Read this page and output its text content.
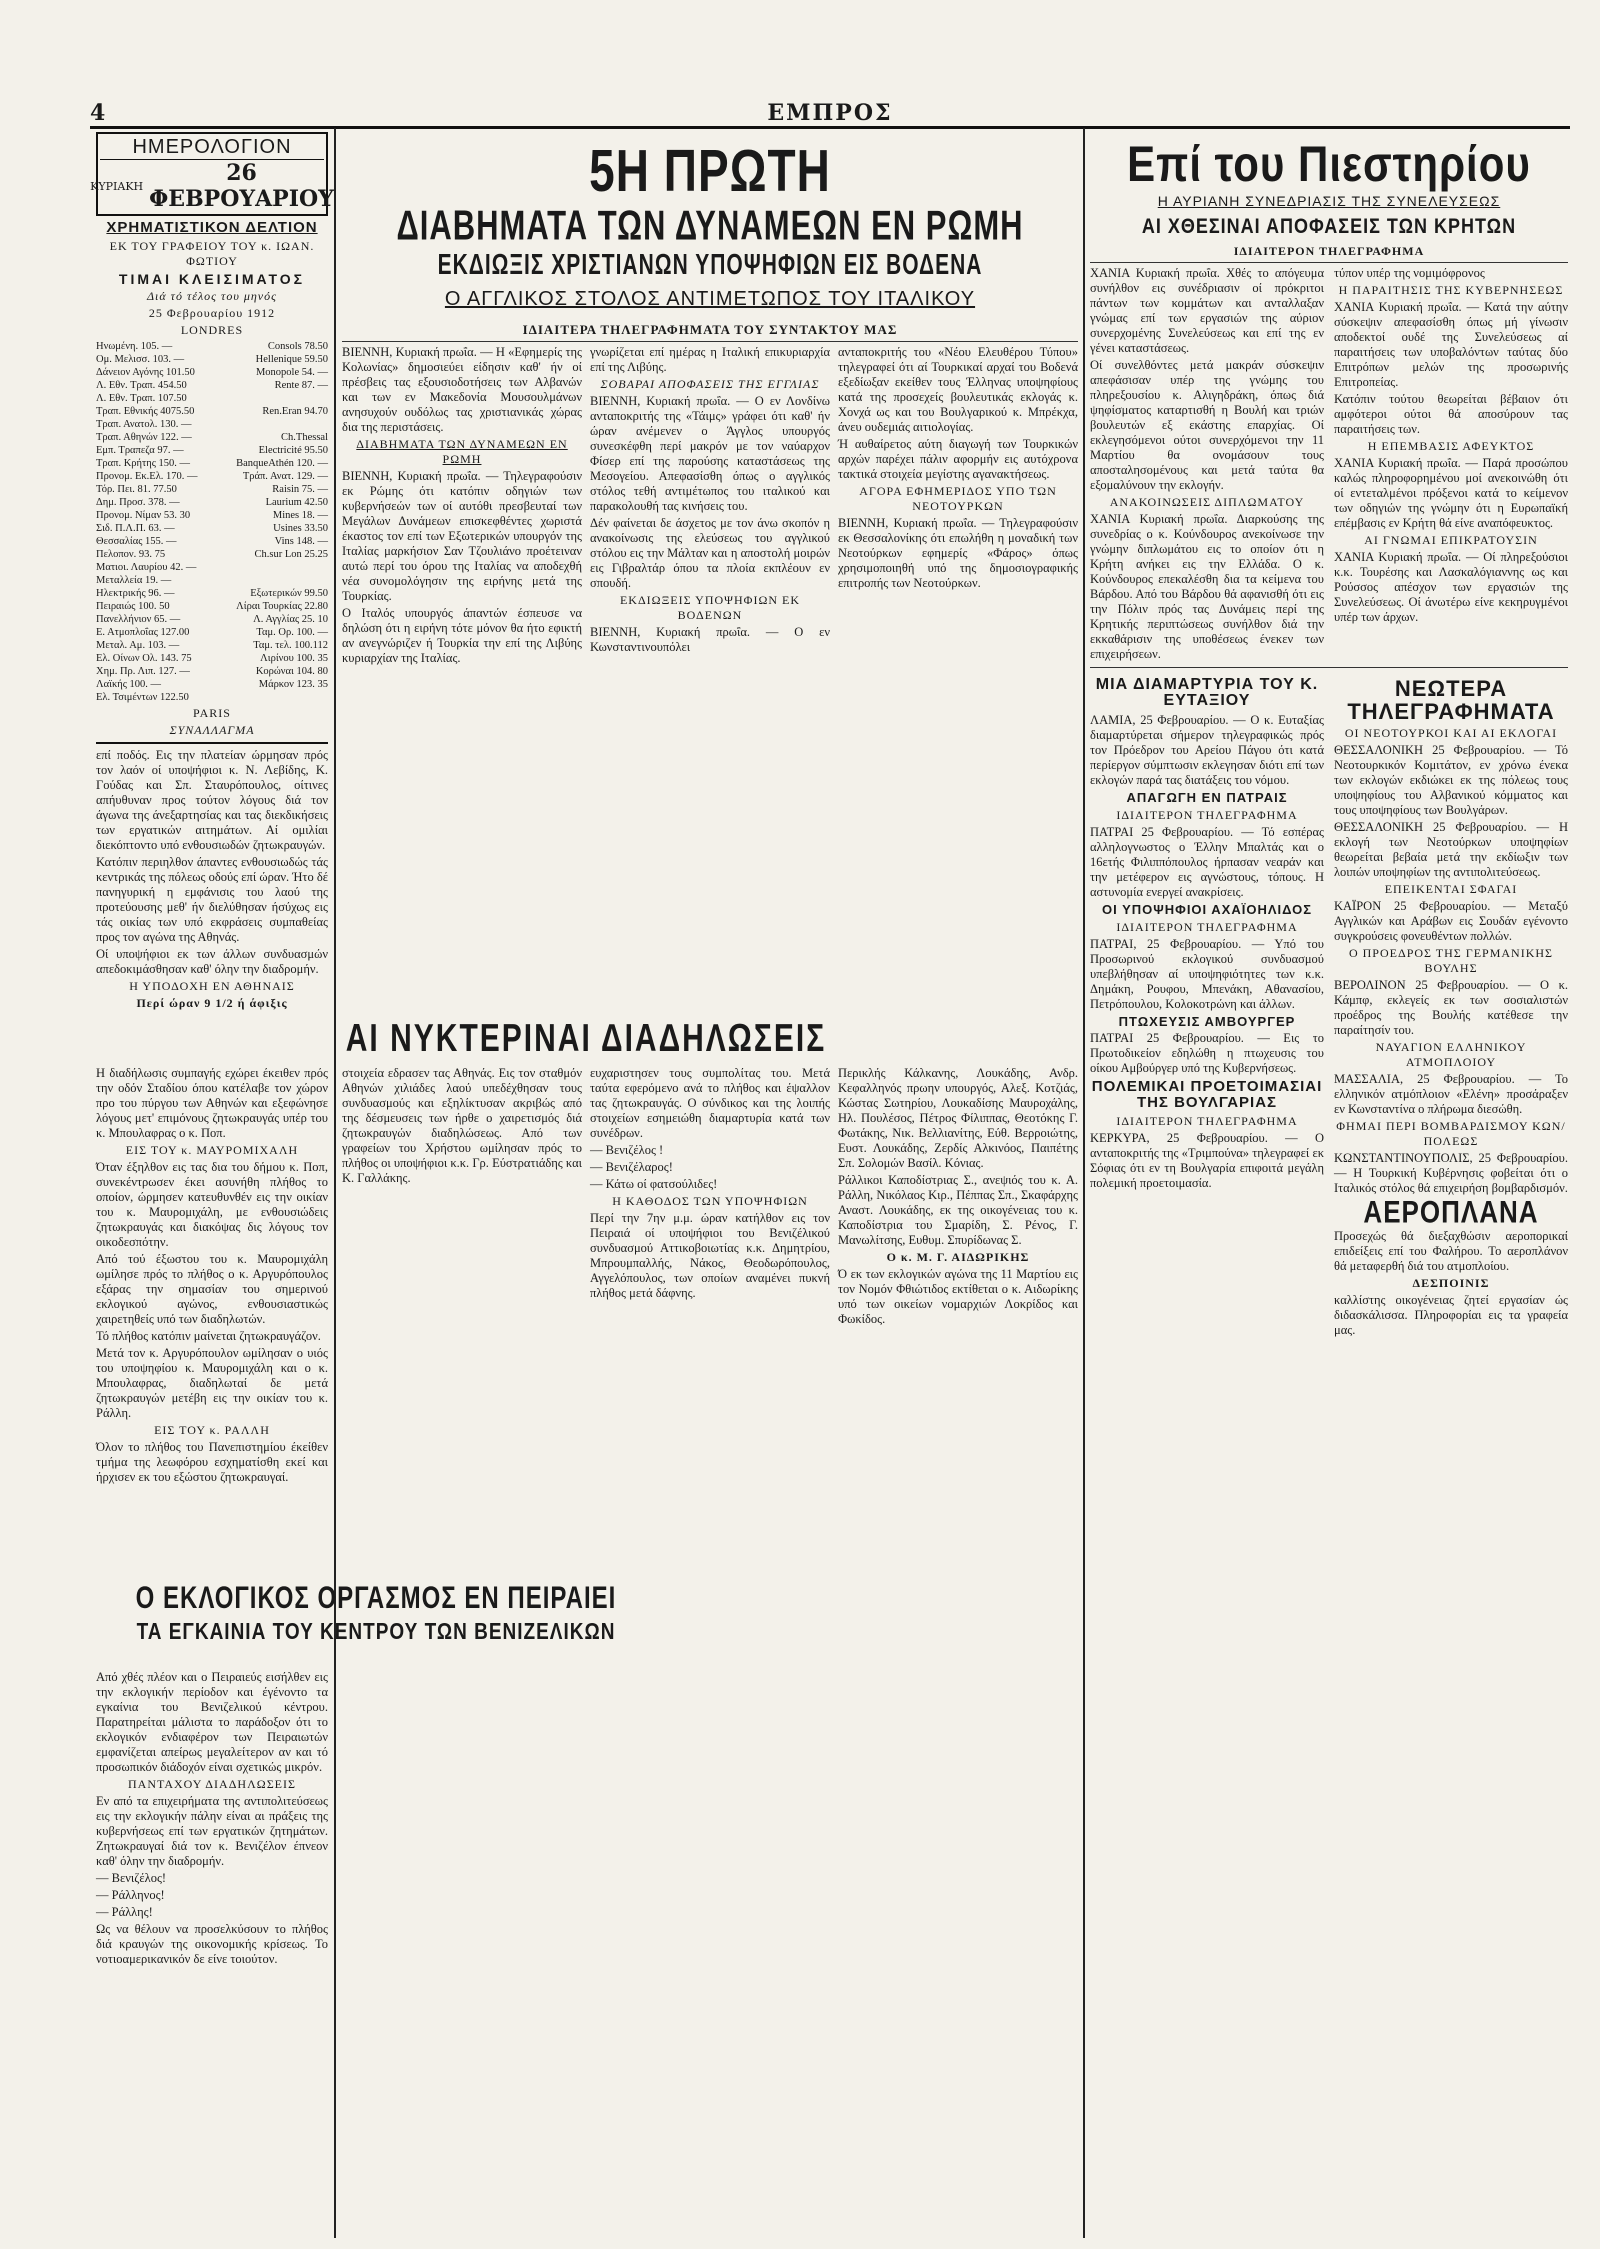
4	ΕΜΠΡΟΣ
ΗΜΕΡΟΛΟΓΙΟΝ
ΚΥΡΙΑΚΗ	26 ΦΕΒΡΟΥΑΡΙΟΥ
ΧΡΗΜΑΤΙΣΤΙΚΟΝ ΔΕΛΤΙΟΝ
ΕΚ ΤΟΥ ΓΡΑΦΕΙΟΥ ΤΟΥ κ. ΙΩΑΝ. ΦΩΤΙΟΥ
ΤΙΜΑΙ ΚΛΕΙΣΙΜΑΤΟΣ
Διά τό τέλος του μηνός
25 Φεβρουαρίου 1912
LONDRES
Ηνωμένη. 105. —	Consols 78.50
Ομ. Μελισσ. 103. —	Hellenique 59.50
Δάνειον Αγόνης 101.50	Monopole 54. —
Λ. Εθν. Τραπ. 454.50	Rente 87. —
Λ. Εθν. Τραπ. 107.50
Τραπ. Εθνικής 4075.50	Ren.Eran 94.70
Τραπ. Ανατολ. 130. —
Τραπ. Αθηνών 122. —	Ch.Thessal
Εμπ. Τραπεζα 97. —	Electricité 95.50
Τραπ. Κρήτης 150. —	BanqueAthén 120. —
Προνομ. Εκ.Ελ. 170. —	Τράπ. Ανατ. 129. —
Τόρ. Πει. 81. 77.50	Raisin 75. —
Δημ. Προσ. 378. —	Laurium 42.50
Προνομ. Νίμαν 53. 30	Mines 18. —
Σιδ. Π.Λ.Π. 63. —	Usines 33.50
Θεσσαλίας 155. —	Vins 148. —
Πελοπον. 93. 75	Ch.sur Lon 25.25
Ματιοι. Λαυρίου 42. —
Μεταλλεία 19. —
Ηλεκτρικής 96. —	Εξωτερικών 99.50
Πειραιώς 100. 50	Λίραι Τουρκίας 22.80
Πανελλήνιον 65. —	Λ. Αγγλίας 25. 10
Ε. Ατμοπλοΐας 127.00	Ταμ. Ορ. 100. —
Μεταλ. Αμ. 103. —	Ταμ. τελ. 100.112
Ελ. Οίνων Ολ. 143. 75	Λιρίνου 100. 35
Χημ. Πρ. Λιπ. 127. —	Κορώναι 104. 80
Λαϊκής 100. —	Μάρκον 123. 35
Ελ. Τσιμέντων 122.50
PARIS
ΣΥΝΑΛΛΑΓΜΑ

επί ποδός. Εις την πλατείαν ώρμησαν πρός τον λαόν οί υποψήφιοι κ. Ν. Λεβίδης, Κ. Γούδας και Σπ. Σταυρόπουλος, οίτινες απήυθυναν προς τούτον λόγους διά τον άγωνα της άνεξαρτησίας και τας διεκδικήσεις των εργατικών αιτημάτων. Αί ομιλίαι διεκόπτοντο υπό ενθουσιωδών ζητωκραυγών.

Κατόπιν περιηλθον άπαντες ενθουσιωδώς τάς κεντρικάς της πόλεως οδούς επί ώραν. Ήτο δέ πανηγυρική η εμφάνισις του λαού της προτεύουσης μεθ' ήν διελύθησαν ήσύχως εις τάς οικίας των υπό εκφράσεις συμπαθείας προς τον αγώνα της Αθηνάς.

Οί υποψήφιοι εκ των άλλων συνδυασμών απεδοκιμάσθησαν καθ' όλην την διαδρομήν.

Η ΥΠΟΔΟΧΗ ΕΝ ΑΘΗΝΑΙΣ
Περί ώραν 9 1/2 ή άφιξις
ΑΙ ΝΥΚΤΕΡΙΝΑΙ ΔΙΑΔΗΛΩΣΕΙΣ

Η διαδήλωσις συμπαγής εχώρει έκειθεν πρός την οδόν Σταδίου όπου κατέλαβε τον χώρον προ του πύργου των Αθηνών και εξεφώνησε λόγους μετ' επιμόνους ζητωκραυγάς υπέρ του κ. Μπουλαφρας ο κ. Ποπ.

ΕΙΣ ΤΟΥ κ. ΜΑΥΡΟΜΙΧΑΛΗ

Όταν έξηλθον εις τας δια του δήμου κ. Ποπ, συνεκέντρωσεν έκει ασυνήθη πλήθος το οποίον, ώρμησεν κατευθυνθέν εις την οικίαν του κ. Μαυρομιχάλη, με ενθουσιώδεις ζητωκραυγάς και διακόψας δις λόγους τον οικοδεσπότην.

Από τού έξωστου του κ. Μαυρομιχάλη ωμίλησε πρός το πλήθος ο κ. Αργυρόπουλος εξάρας την σημασίαν του σημερινού εκλογικού αγώνος, ενθουσιαστικώς χαιρετηθείς υπό των διαδηλωτών.

Τό πλήθος κατόπιν μαίνεται ζητωκραυγάζον.

Μετά τον κ. Αργυρόπουλον ωμίλησαν ο υιός του υποψηφίου κ. Μαυρομιχάλη και ο κ. Μπουλαφρας, διαδηλωταί δε μετά ζητωκραυγών μετέβη εις την οικίαν του κ. Ράλλη.

ΕΙΣ ΤΟΥ κ. ΡΑΛΛΗ

Όλον το πλήθος του Πανεπιστημίου έκείθεν τμήμα της λεωφόρου εσχηματίσθη εκεί και ήρχισεν εκ του εξώστου ζητωκραυγαί.

Ο ΕΚΛΟΓΙΚΟΣ ΟΡΓΑΣΜΟΣ ΕΝ ΠΕΙΡΑΙΕΙ
ΤΑ ΕΓΚΑΙΝΙΑ ΤΟΥ ΚΕΝΤΡΟΥ ΤΩΝ ΒΕΝΙΖΕΛΙΚΩΝ

Από χθές πλέον και ο Πειραιεύς εισήλθεν εις την εκλογικήν περίοδον και έγένοντο τα εγκαίνια του Βενιζελικού κέντρου. Παρατηρείται μάλιστα το παράδοξον ότι το εκλογικόν ενδιαφέρον των Πειραιωτών εμφανίζεται απείρως μεγαλείτερον αν και τό προσωπικόν διάδοχόν είναι σχετικώς μικρόν.

ΠΑΝΤΑΧΟΥ ΔΙΑΔΗΛΩΣΕΙΣ

Εν από τα επιχειρήματα της αντιπολιτεύσεως εις την εκλογικήν πάλην είναι αι πράξεις της κυβερνήσεως επί των εργατικών ζητημάτων. Ζητωκραυγαί διά τον κ. Βενιζέλον έπνεον καθ' όλην την διαδρομήν.

— Βενιζέλος!
— Ράλληνος!
— Ράλλης!

Ως να θέλουν να προσελκύσουν το πλήθος διά κραυγών της οικονομικής κρίσεως. Το νοτιοαμερικανικόν δε είνε τοιούτον.

5Η ΠΡΩΤΗ
ΔΙΑΒΗΜΑΤΑ ΤΩΝ ΔΥΝΑΜΕΩΝ ΕΝ ΡΩΜΗ
ΕΚΔΙΩΞΙΣ ΧΡΙΣΤΙΑΝΩΝ ΥΠΟΨΗΦΙΩΝ ΕΙΣ ΒΟΔΕΝΑ
Ο ΑΓΓΛΙΚΟΣ ΣΤΟΛΟΣ ΑΝΤΙΜΕΤΩΠΟΣ ΤΟΥ ΙΤΑΛΙΚΟΥ
ΙΔΙΑΙΤΕΡΑ ΤΗΛΕΓΡΑΦΗΜΑΤΑ ΤΟΥ ΣΥΝΤΑΚΤΟΥ ΜΑΣ

ΒΙΕΝΝΗ, Κυριακή πρωΐα. — Η «Εφημερίς της Κολωνίας» δημοσιεύει είδησιν καθ' ήν οί πρέσβεις τας εξουσιοδοτήσεις των Αλβανών και των εν Μακεδονία Μουσουλμάνων ανησυχούν ουδόλως τας χριστιανικάς χώρας δια της περιστάσεις.

ΔΙΑΒΗΜΑΤΑ ΤΩΝ ΔΥΝΑΜΕΩΝ ΕΝ ΡΩΜΗ

ΒΙΕΝΝΗ, Κυριακή πρωΐα. — Τηλεγραφούσιν εκ Ρώμης ότι κατόπιν οδηγιών των κυβερνήσεών των οί αυτόθι πρεσβευταί των Μεγάλων Δυνάμεων επισκεφθέντες χωριστά έκαστος τον επί των Εξωτερικών υπουργόν της Ιταλίας μαρκήσιον Σαν Τζουλιάνο προέτειναν αυτώ περί του όρου της Ιταλίας να αποδεχθή νέα συνομολόγησιν της ειρήνης μετά της Τουρκίας.

Ο Ιταλός υπουργός άπαντών έσπευσε να δηλώση ότι η ειρήνη τότε μόνον θα ήτο εφικτή αν ανεγνώριζεν ή Τουρκία την επί της Λιβύης κυριαρχίαν της Ιταλίας.

γνωρίζεται επί ημέρας η Ιταλική επικυριαρχία επί της Λιβύης.

ΣΟΒΑΡΑΙ ΑΠΟΦΑΣΕΙΣ ΤΗΣ ΕΓΓΛΙΑΣ

ΒΙΕΝΝΗ, Κυριακή πρωΐα. — Ο εν Λονδίνω ανταποκριτής της «Τάιμς» γράφει ότι καθ' ήν ώραν ανέμενεν ο Άγγλος υπουργός συνεσκέφθη περί μακρόν με τον ναύαρχον Φίσερ επί της παρούσης καταστάσεως της Μεσογείου. Απεφασίσθη όπως ο αγγλικός στόλος τεθή αντιμέτωπος του ιταλικού και παρακολουθή τας κινήσεις του.

Δέν φαίνεται δε άσχετος με τον άνω σκοπόν η ανακοίνωσις της ελεύσεως του αγγλικού στόλου εις την Μάλταν και η αποστολή μοιρών εις Γιβραλτάρ όπου τα πλοία εκπλέουν εν σπουδή.

ΕΚΔΙΩΞΕΙΣ ΥΠΟΨΗΦΙΩΝ ΕΚ ΒΟΔΕΝΩΝ

ΒΙΕΝΝΗ, Κυριακή πρωΐα. — Ο εν Κωνσταντινουπόλει

ανταποκριτής του «Νέου Ελευθέρου Τύπου» τηλεγραφεί ότι αί Τουρκικαί αρχαί του Βοδενά εξεδίωξαν εκείθεν τους Έλληνας υποψηφίους κατά της προσεχείς βουλευτικάς εκλογάς κ. Χονχά ως και του Βουλγαρικού κ. Μπρέκχα, άνευ ουδεμιάς αιτιολογίας.

Ή αυθαίρετος αύτη διαγωγή των Τουρκικών αρχών παρέχει πάλιν αφορμήν εις αυτόχρονα τακτικά στοιχεία μεγίστης αγανακτήσεως.

ΑΓΟΡΑ ΕΦΗΜΕΡΙΔΟΣ ΥΠΟ ΤΩΝ ΝΕΟΤΟΥΡΚΩΝ

ΒΙΕΝΝΗ, Κυριακή πρωΐα. — Τηλεγραφούσιν εκ Θεσσαλονίκης ότι επωλήθη η μοναδική των Νεοτούρκων εφημερίς «Φάρος» όπως χρησιμοποιηθή υπό της δημοσιογραφικής επιτροπής των Νεοτούρκων.

στοιχεία εδρασεν τας Αθηνάς. Εις τον σταθμόν Αθηνών χιλιάδες λαού υπεδέχθησαν τους συνδυασμούς και εξηλίκτυσαν ακριβώς από της δέσμευσεις των ήρθε ο χαιρετισμός διά ζητωκραυγών διαδηλώσεως. Από των γραφείων του Χρήστου ωμίλησαν πρός το πλήθος οι υποψήφιοι κ.κ. Γρ. Εύστρατιάδης και Κ. Γαλλάκης.

ευχαριστησεν τους συμπολίτας του. Μετά ταύτα εφερόμενο ανά το πλήθος και έψαλλον τας ζητωκραυγάς. Ο σύνδικος και της λοιπής στοιχείων εσημειώθη διαμαρτυρία κατά των συνέδρων.

— Βενιζέλος !
— Βενιζέλαρος!
— Κάτω οί φατσούλιδες!
Η ΚΑΘΟΔΟΣ ΤΩΝ ΥΠΟΨΗΦΙΩΝ

Περί την 7ην μ.μ. ώραν κατήλθον εις τον Πειραιά οί υποψήφιοι του Βενιζέλικού συνδυασμού Αττικοβοιωτίας κ.κ. Δημητρίου, Μπρουμπαλλής, Νάκος, Θεοδωρόπουλος, Αγγελόπουλος, των οποίων αναμένει πυκνή πλήθος μετά δάφνης.

Περικλής Κάλκανης, Λουκάδης, Ανδρ. Κεφαλληνός πρωην υπουργός, Αλεξ. Κοτζιάς, Κώστας Σωτηρίου, Λουκαδίσης Μαυροχάλης, Ηλ. Πουλέσος, Πέτρος Φίλιππας, Θεοτόκης Γ. Φωτάκης, Νικ. Βελλιανίτης, Εύθ. Βερροιώτης, Ευστ. Λουκάδης, Ζερδίς Αλκινόος, Παιπέτης Σπ. Σολομών Βασίλ. Κόνιας.

Ράλλικοι Καποδίστριας Σ., ανεψιός του κ. Α. Ράλλη, Νικόλαος Κιρ., Πέππας Σπ., Σκαφάρχης Αναστ. Λουκάδης, εκ της οικογένειας του κ. Καποδίστρια του Σμαρίδη, Σ. Ρένος, Γ. Μανωλίτσης, Ευθυμ. Σπυρίδωνας Σ.

Ο κ. Μ. Γ. ΑΙΔΩΡΙΚΗΣ

Ό εκ των εκλογικών αγώνα της 11 Μαρτίου εις τον Νομόν Φθιώτιδος εκτίθεται ο κ. Αιδωρίκης υπό των οικείων νομαρχιών Λοκρίδος και Φωκίδος.

Επί του Πιεστηρίου
Η ΑΥΡΙΑΝΗ ΣΥΝΕΔΡΙΑΣΙΣ ΤΗΣ ΣΥΝΕΛΕΥΣΕΩΣ
ΑΙ ΧΘΕΣΙΝΑΙ ΑΠΟΦΑΣΕΙΣ ΤΩΝ ΚΡΗΤΩΝ
ΙΔΙΑΙΤΕΡΟΝ ΤΗΛΕΓΡΑΦΗΜΑ

ΧΑΝΙΑ Κυριακή πρωΐα. Χθές το απόγευμα συνήλθον εις συνέδριασιν οί πρόκριτοι πάντων των κομμάτων και ανταλλαξαν γνώμας επί των εργασιών της αύριον συνερχομένης Συνελεύσεως και επί της εν γένει καταστάσεως.

Οί συνελθόντες μετά μακράν σύσκεψιν απεφάσισαν υπέρ της γνώμης του πληρεξουσίου κ. Αλιγηδράκη, όπως διά ψηφίσματος καταρτισθή η Βουλή και τριών βουλευτών εξ εκάστης επαρχίας. Οί εκλεγησόμενοι ούτοι συνερχόμενοι την 11 Μαρτίου θα ονομάσουν τους αποσταλησομένους και μετά ταύτα θα εξομαλύνουν την εκλογήν.

ΑΝΑΚΟΙΝΩΣΕΙΣ ΔΙΠΛΩΜΑΤΟΥ

ΧΑΝΙΑ Κυριακή πρωΐα. Διαρκούσης της συνεδρίας ο κ. Κούνδουρος ανεκοίνωσε την γνώμην διπλωμάτου εις το οποίον ότι η Κρήτη ανήκει εις την Ελλάδα. Ο κ. Κούνδουρος επεκαλέσθη δια τα κείμενα του Βάρδου. Από του Βάρδου θά αφανισθή ότι εις την Πόλιν πρός τας Δυνάμεις περί της Κρητικής περιπτώσεως συνήλθον διά την εκκαθάρισιν της υποθέσεως ένεκεν των επιχειρήσεων.

τύπον υπέρ της νομιμόφρονος

Η ΠΑΡΑΙΤΗΣΙΣ ΤΗΣ ΚΥΒΕΡΝΗΣΕΩΣ

ΧΑΝΙΑ Κυριακή πρωΐα. — Κατά την αύτην σύσκεψιν απεφασίσθη όπως μή γίνωσιν αποδεκτοί ουδέ της Συνελεύσεως αί παραιτήσεις των υποβαλόντων ταύτας δύο Επιτρόπων μελών της προσωρινής Επιτροπείας.

Κατόπιν τούτου θεωρείται βέβαιον ότι αμφότεροι ούτοι θά αποσύρουν τας παραιτήσεις των.

Η ΕΠΕΜΒΑΣΙΣ ΑΦΕΥΚΤΟΣ

ΧΑΝΙΑ Κυριακή πρωΐα. — Παρά προσώπου καλώς πληροφορημένου μοί ανεκοινώθη ότι οί εντεταλμένοι πρόξενοι κατά το κείμενον των οδηγιών της γνώμην ότι η Ευρωπαϊκή επέμβασις εν Κρήτη θά είνε αναπόφευκτος.

ΑΙ ΓΝΩΜΑΙ ΕΠΙΚΡΑΤΟΥΣΙΝ

ΧΑΝΙΑ Κυριακή πρωΐα. — Οί πληρεξούσιοι κ.κ. Τουρέσης και Λασκαλόγιαννης ως και Ρούσσος απέσχον των εργασιών της Συνελεύσεως. Οί άνωτέρω είνε κεκηρυγμένοι υπέρ των άρχων.

ΜΙΑ ΔΙΑΜΑΡΤΥΡΙΑ ΤΟΥ Κ. ΕΥΤΑΞΙΟΥ

ΛΑΜΙΑ, 25 Φεβρουαρίου. — Ο κ. Ευταξίας διαμαρτύρεται σήμερον τηλεγραφικώς πρός τον Πρόεδρον του Αρείου Πάγου ότι κατά περίεργον σύμπτωσιν εκλεγησαν διότι επί των εκλογών παρά τας διατάξεις του νόμου.

ΑΠΑΓΩΓΗ ΕΝ ΠΑΤΡΑΙΣ
ΙΔΙΑΙΤΕΡΟΝ ΤΗΛΕΓΡΑΦΗΜΑ

ΠΑΤΡΑΙ 25 Φεβρουαρίου. — Τό εσπέρας αλληλογνωστος ο Έλλην Μπαλτάς και ο 16ετής Φιλιππόπουλος ήρπασαν νεαράν και την μετέφερον εις αγνώστους, τόπους. Η αστυνομία ενεργεί ανακρίσεις.

ΟΙ ΥΠΟΨΗΦΙΟΙ ΑΧΑΪΟΗΛΙΔΟΣ
ΙΔΙΑΙΤΕΡΟΝ ΤΗΛΕΓΡΑΦΗΜΑ

ΠΑΤΡΑΙ, 25 Φεβρουαρίου. — Υπό του Προσωρινού εκλογικού συνδυασμού υπεβλήθησαν αί υποψηφιότητες των κ.κ. Δημάκη, Ρουφου, Μπενάκη, Αθανασίου, Πετρόπουλου, Κολοκοτρώνη και άλλων.

ΠΤΩΧΕΥΣΙΣ ΑΜΒΟΥΡΓΕΡ

ΠΑΤΡΑΙ 25 Φεβρουαρίου. — Εις το Πρωτοδικείον εδηλώθη η πτωχευσις του οίκου Αμβούργερ υπό της Κυβερνήσεως.

ΠΟΛΕΜΙΚΑΙ ΠΡΟΕΤΟΙΜΑΣΙΑΙ ΤΗΣ ΒΟΥΛΓΑΡΙΑΣ
ΙΔΙΑΙΤΕΡΟΝ ΤΗΛΕΓΡΑΦΗΜΑ

ΚΕΡΚΥΡΑ, 25 Φεβρουαρίου. — Ο ανταποκριτής της «Τριμπούνα» τηλεγραφεί εκ Σόφιας ότι εν τη Βουλγαρία επιφοιτά μεγάλη πολεμική προετοιμασία.

ΝΕΩΤΕΡΑ ΤΗΛΕΓΡΑΦΗΜΑΤΑ
ΟΙ ΝΕΟΤΟΥΡΚΟΙ ΚΑΙ ΑΙ ΕΚΛΟΓΑΙ

ΘΕΣΣΑΛΟΝΙΚΗ 25 Φεβρουαρίου. — Τό Νεοτουρκικόν Κομιτάτον, εν χρόνω ένεκα των εκλογών εκδιώκει εκ της πόλεως τους υποψηφίους του Αλβανικού κόμματος και τους υποψηφίους των Βουλγάρων.

ΘΕΣΣΑΛΟΝΙΚΗ 25 Φεβρουαρίου. — Η εκλογή των Νεοτούρκων υποψηφίων θεωρείται βεβαία μετά την εκδίωξιν των λοιπών υποψηφίων της αντιπολιτεύσεως.

ΕΠΕΙΚΕΝΤΑΙ ΣΦΑΓΑΙ

ΚΑΪΡΟΝ 25 Φεβρουαρίου. — Μεταξύ Αγγλικών και Αράβων εις Σουδάν εγένοντο συγκρούσεις φονευθέντων πολλών.

Ο ΠΡΟΕΔΡΟΣ ΤΗΣ ΓΕΡΜΑΝΙΚΗΣ ΒΟΥΛΗΣ

ΒΕΡΟΛΙΝΟΝ 25 Φεβρουαρίου. — Ο κ. Κάμπφ, εκλεγείς εκ των σοσιαλιστών προέδρος της Βουλής κατέθεσε την παραίτησίν του.

ΝΑΥΑΓΙΟΝ ΕΛΛΗΝΙΚΟΥ ΑΤΜΟΠΛΟΙΟΥ

ΜΑΣΣΑΛΙΑ, 25 Φεβρουαρίου. — Το ελληνικόν ατμόπλοιον «Ελένη» προσάραξεν εν Κωνσταντίνα ο πλήρωμα διεσώθη.

ΦΗΜΑΙ ΠΕΡΙ ΒΟΜΒΑΡΔΙΣΜΟΥ ΚΩΝ/ΠΟΛΕΩΣ

ΚΩΝΣΤΑΝΤΙΝΟΥΠΟΛΙΣ, 25 Φεβρουαρίου. — Η Τουρκική Κυβέρνησις φοβείται ότι ο Ιταλικός στόλος θά επιχειρήση βομβαρδισμόν.

ΑΕΡΟΠΛΑΝΑ

Προσεχώς θά διεξαχθώσιν αεροπορικαί επιδείξεις επί του Φαλήρου. Το αεροπλάνον θά μεταφερθή διά του ατμοπλοίου.

ΔΕΣΠΟΙΝΙΣ

καλλίστης οικογένειας ζητεί εργασίαν ώς διδασκάλισσα. Πληροφορίαι εις τα γραφεία μας.
